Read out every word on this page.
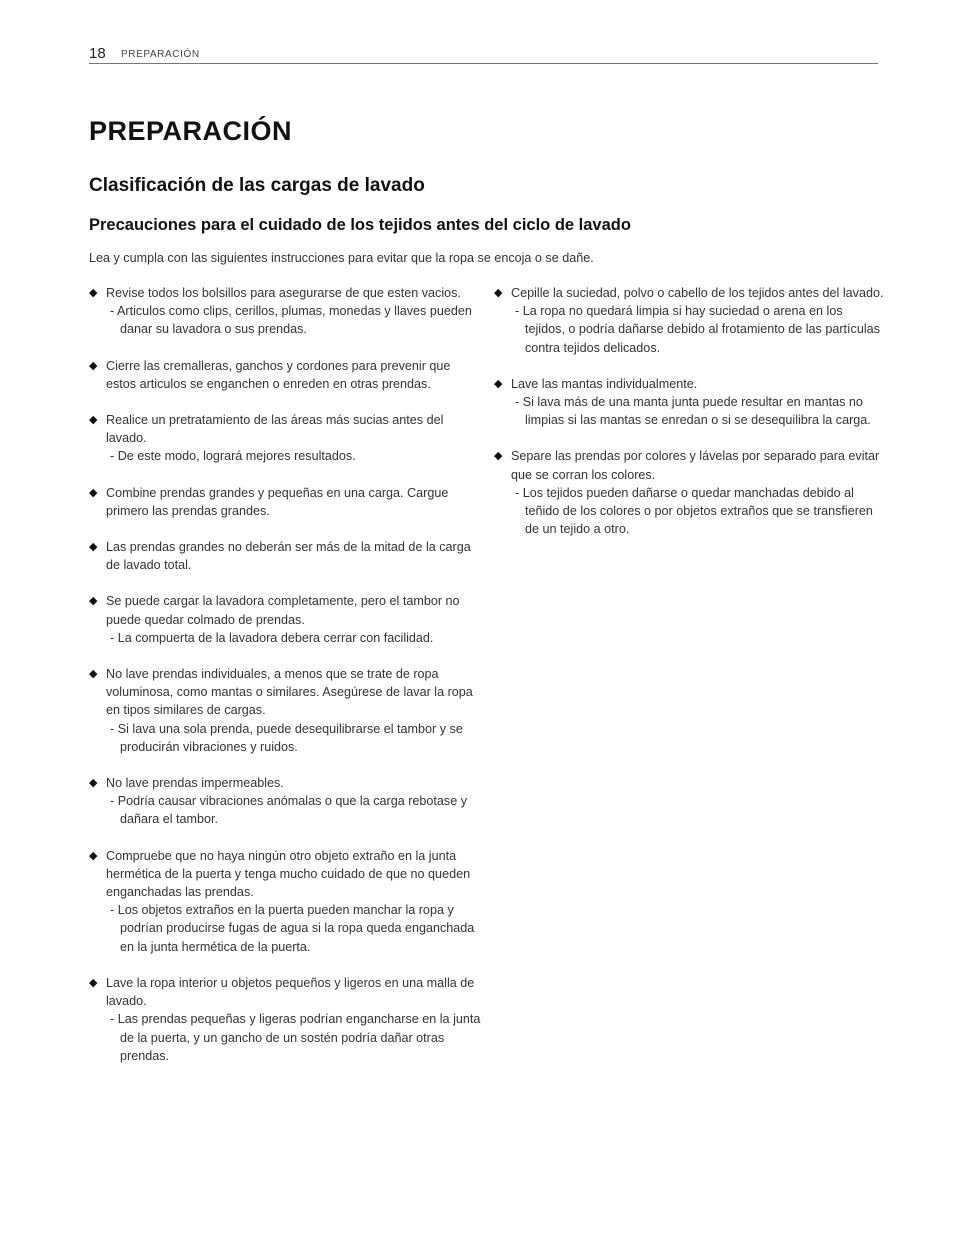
18 PREPARACIÓN
PREPARACIÓN
Clasificación de las cargas de lavado
Precauciones para el cuidado de los tejidos antes del ciclo de lavado

Lea y cumpla con las siguientes instrucciones para evitar que la ropa se encoja o se dañe.

◆ Revise todos los bolsillos para asegurarse de que esten vacios.
- Articulos como clips, cerillos, plumas, monedas y llaves pueden danar su lavadora o sus prendas.
◆ Cierre las cremalleras, ganchos y cordones para prevenir que estos articulos se enganchen o enreden en otras prendas.
◆ Realice un pretratamiento de las áreas más sucias antes del lavado.
- De este modo, logrará mejores resultados.
◆ Combine prendas grandes y pequeñas en una carga. Cargue primero las prendas grandes.
◆ Las prendas grandes no deberán ser más de la mitad de la carga de lavado total.
◆ Se puede cargar la lavadora completamente, pero el tambor no puede quedar colmado de prendas.
- La compuerta de la lavadora debera cerrar con facilidad.
◆ No lave prendas individuales, a menos que se trate de ropa voluminosa, como mantas o similares. Asegúrese de lavar la ropa en tipos similares de cargas.
- Si lava una sola prenda, puede desequilibrarse el tambor y se producirán vibraciones y ruidos.
◆ No lave prendas impermeables.
- Podría causar vibraciones anómalas o que la carga rebotase y dañara el tambor.
◆ Compruebe que no haya ningún otro objeto extraño en la junta hermética de la puerta y tenga mucho cuidado de que no queden enganchadas las prendas.
- Los objetos extraños en la puerta pueden manchar la ropa y podrían producirse fugas de agua si la ropa queda enganchada en la junta hermética de la puerta.
◆ Lave la ropa interior u objetos pequeños y ligeros en una malla de lavado.
- Las prendas pequeñas y ligeras podrían engancharse en la junta de la puerta, y un gancho de un sostén podría dañar otras prendas.
◆ Cepille la suciedad, polvo o cabello de los tejidos antes del lavado.
- La ropa no quedará limpia si hay suciedad o arena en los tejidos, o podría dañarse debido al frotamiento de las partículas contra tejidos delicados.
◆ Lave las mantas individualmente.
- Si lava más de una manta junta puede resultar en mantas no limpias si las mantas se enredan o si se desequilibra la carga.
◆ Separe las prendas por colores y lávelas por separado para evitar que se corran los colores.
- Los tejidos pueden dañarse o quedar manchadas debido al teñido de los colores o por objetos extraños que se transfieren de un tejido a otro.
